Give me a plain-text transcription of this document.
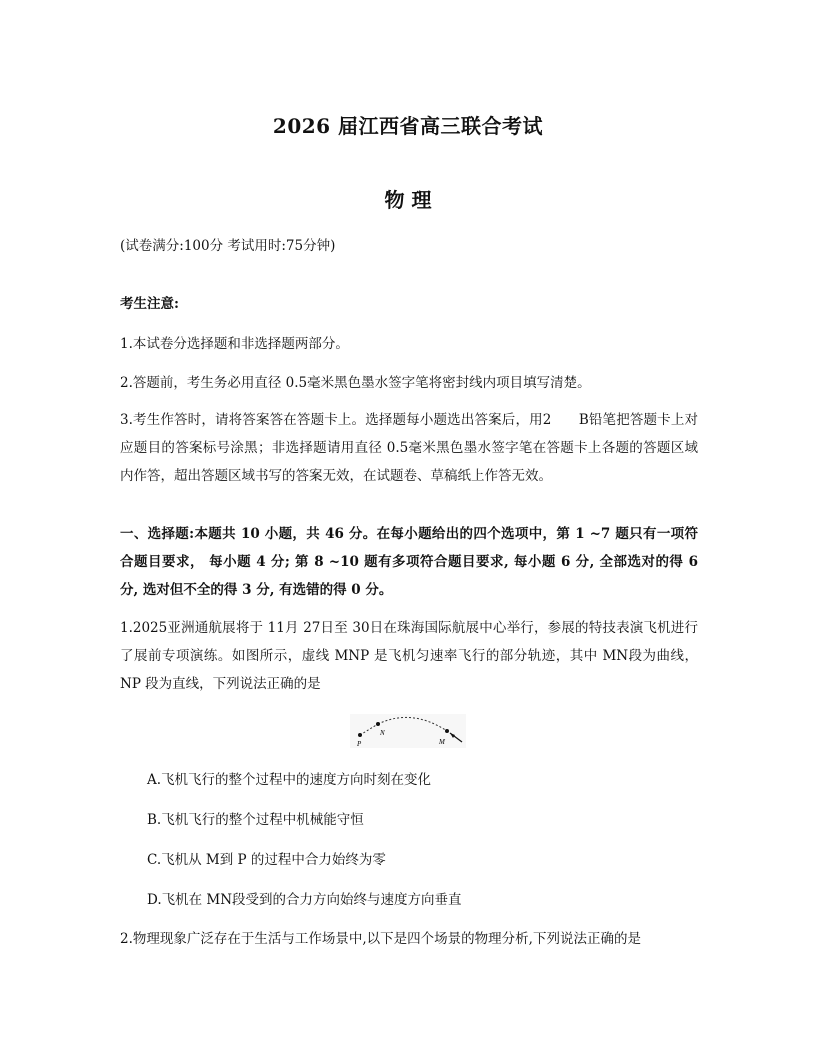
2026 届江西省高三联合考试
物 理
(试卷满分:100分 考试用时:75分钟)
考生注意:
1.本试卷分选择题和非选择题两部分。
2.答题前，考生务必用直径 0.5毫米黑色墨水签字笔将密封线内项目填写清楚。
3.考生作答时，请将答案答在答题卡上。选择题每小题选出答案后，用2　　B铅笔把答题卡上对应题目的答案标号涂黑；非选择题请用直径 0.5毫米黑色墨水签字笔在答题卡上各题的答题区域内作答，超出答题区域书写的答案无效，在试题卷、草稿纸上作答无效。
一、选择题:本题共 10 小题，共 46 分。在每小题给出的四个选项中，第 1 ~7 题只有一项符合题目要求， 每小题 4 分; 第 8 ~10 题有多项符合题目要求, 每小题 6 分, 全部选对的得 6 分, 选对但不全的得 3 分, 有选错的得 0 分。
1.2025亚洲通航展将于 11月 27日至 30日在珠海国际航展中心举行，参展的特技表演飞机进行了展前专项演练。如图所示，虚线 MNP 是飞机匀速率飞行的部分轨迹，其中 MN段为曲线， NP 段为直线，下列说法正确的是
P
N
M
A.飞机飞行的整个过程中的速度方向时刻在变化
B.飞机飞行的整个过程中机械能守恒
C.飞机从 M到 P 的过程中合力始终为零
D.飞机在 MN段受到的合力方向始终与速度方向垂直
2.物理现象广泛存在于生活与工作场景中,以下是四个场景的物理分析,下列说法正确的是
